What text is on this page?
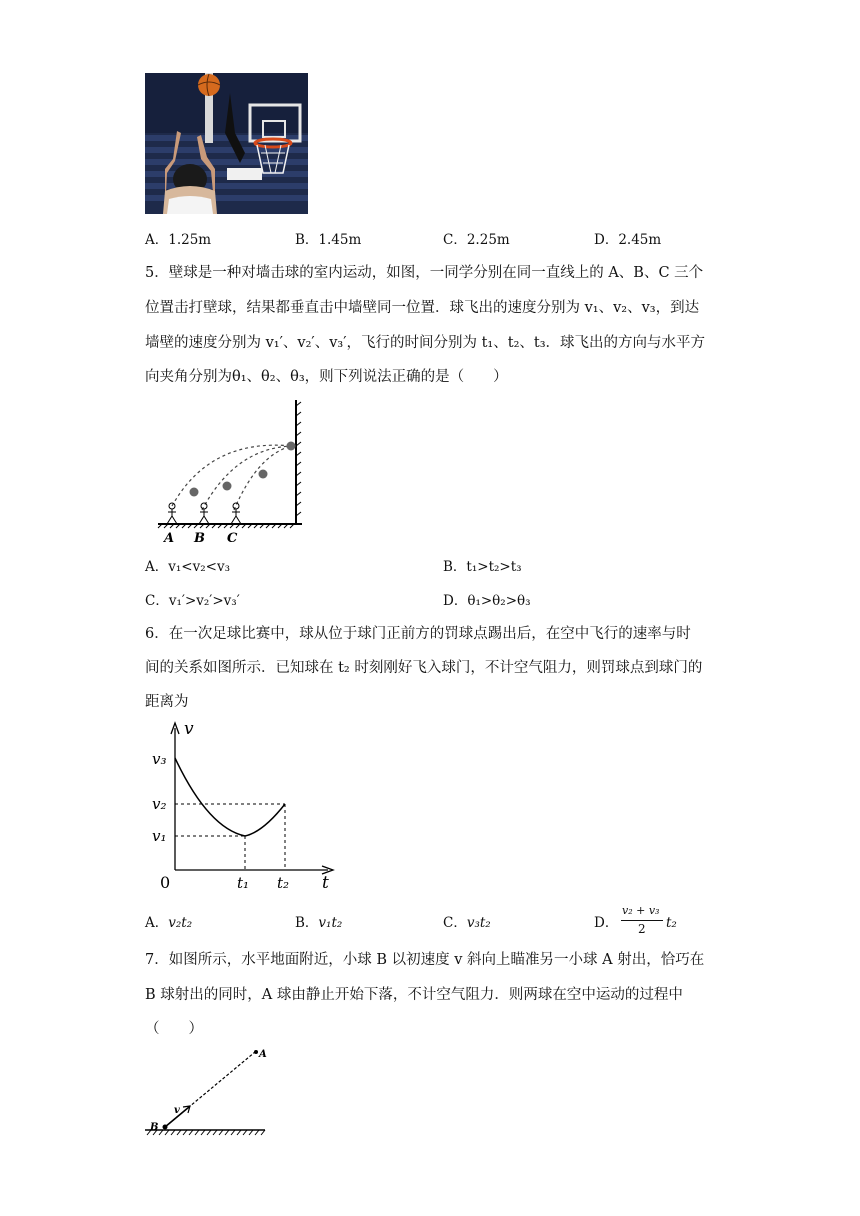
A．1.25m	B．1.45m	C．2.25m	D．2.45m
5．壁球是一种对墙击球的室内运动，如图，一同学分别在同一直线上的 A、B、C 三个
位置击打壁球，结果都垂直击中墙壁同一位置．球飞出的速度分别为 v₁、v₂、v₃，到达
墙壁的速度分别为 v₁′、v₂′、v₃′，飞行的时间分别为 t₁、t₂、t₃．球飞出的方向与水平方
向夹角分别为θ₁、θ₂、θ₃，则下列说法正确的是（　　）
A B C
A．v₁<v₂<v₃	B．t₁>t₂>t₃
C．v₁′>v₂′>v₃′	D．θ₁>θ₂>θ₃
6．在一次足球比赛中，球从位于球门正前方的罚球点踢出后，在空中飞行的速率与时
间的关系如图所示．已知球在 t₂ 时刻刚好飞入球门，不计空气阻力，则罚球点到球门的
距离为
v
v₃
v₂
v₁
0	t₁ t₂ t
A．v₂t₂	B．v₁t₂	C．v₃t₂	D．
v₂ + v₃
2 t₂
7．如图所示，水平地面附近，小球 B 以初速度 v 斜向上瞄准另一小球 A 射出，恰巧在
B 球射出的同时，A 球由静止开始下落，不计空气阻力．则两球在空中运动的过程中
（　　）
A
B
v
